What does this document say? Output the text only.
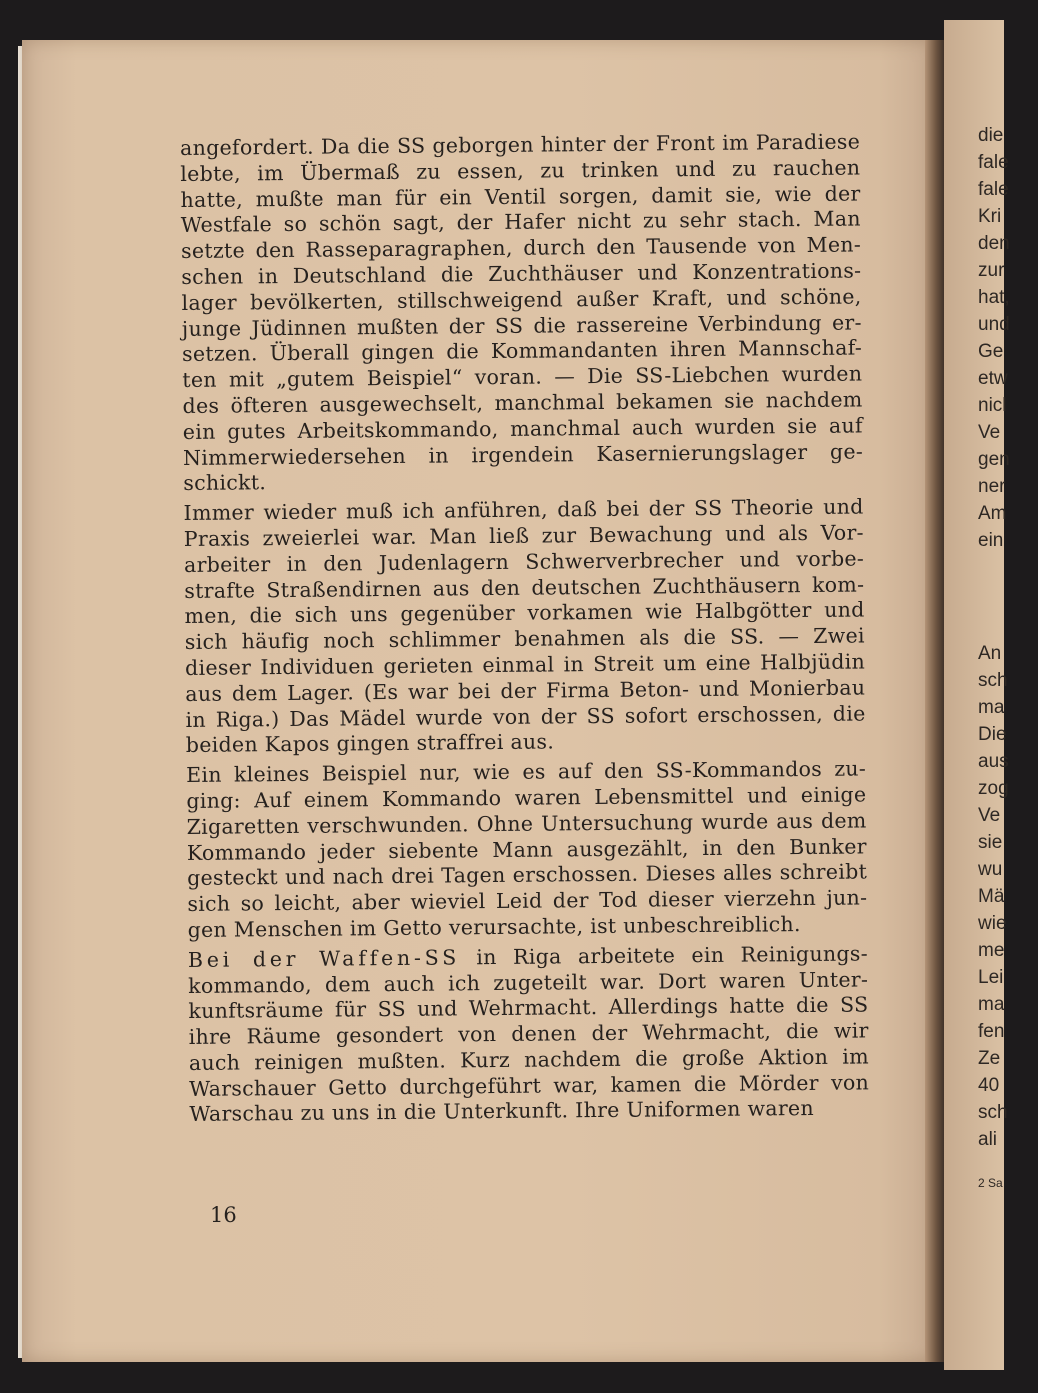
16
die
fale
fale
Kri
den
zur
hat,
und
Ge
etw
nicl
Ve
gen
ner
Am
ein
An
sch
ma
Die
aus
zog
Ve
sie
wu
Mä
wie
me
Lei
ma
fen
Ze
40
sch
ali
2 Sa
angefordert. Da die SS geborgen hinter der Front im Paradiese
lebte, im Übermaß zu essen, zu trinken und zu rauchen
hatte, mußte man für ein Ventil sorgen, damit sie, wie der
Westfale so schön sagt, der Hafer nicht zu sehr stach. Man
setzte den Rasseparagraphen, durch den Tausende von Men-
schen in Deutschland die Zuchthäuser und Konzentrations-
lager bevölkerten, stillschweigend außer Kraft, und schöne,
junge Jüdinnen mußten der SS die rassereine Verbindung er-
setzen. Überall gingen die Kommandanten ihren Mannschaf-
ten mit „gutem Beispiel“ voran. — Die SS-Liebchen wurden
des öfteren ausgewechselt, manchmal bekamen sie nachdem
ein gutes Arbeitskommando, manchmal auch wurden sie auf
Nimmerwiedersehen in irgendein Kasernierungslager ge-
schickt.
Immer wieder muß ich anführen, daß bei der SS Theorie und
Praxis zweierlei war. Man ließ zur Bewachung und als Vor-
arbeiter in den Judenlagern Schwerverbrecher und vorbe-
strafte Straßendirnen aus den deutschen Zuchthäusern kom-
men, die sich uns gegenüber vorkamen wie Halbgötter und
sich häufig noch schlimmer benahmen als die SS. — Zwei
dieser Individuen gerieten einmal in Streit um eine Halbjüdin
aus dem Lager. (Es war bei der Firma Beton- und Monierbau
in Riga.) Das Mädel wurde von der SS sofort erschossen, die
beiden Kapos gingen straffrei aus.
Ein kleines Beispiel nur, wie es auf den SS-Kommandos zu-
ging: Auf einem Kommando waren Lebensmittel und einige
Zigaretten verschwunden. Ohne Untersuchung wurde aus dem
Kommando jeder siebente Mann ausgezählt, in den Bunker
gesteckt und nach drei Tagen erschossen. Dieses alles schreibt
sich so leicht, aber wieviel Leid der Tod dieser vierzehn jun-
gen Menschen im Getto verursachte, ist unbeschreiblich.
Bei der Waffen-SS in Riga arbeitete ein Reinigungs-
kommando, dem auch ich zugeteilt war. Dort waren Unter-
kunftsräume für SS und Wehrmacht. Allerdings hatte die SS
ihre Räume gesondert von denen der Wehrmacht, die wir
auch reinigen mußten. Kurz nachdem die große Aktion im
Warschauer Getto durchgeführt war, kamen die Mörder von
Warschau zu uns in die Unterkunft. Ihre Uniformen waren
